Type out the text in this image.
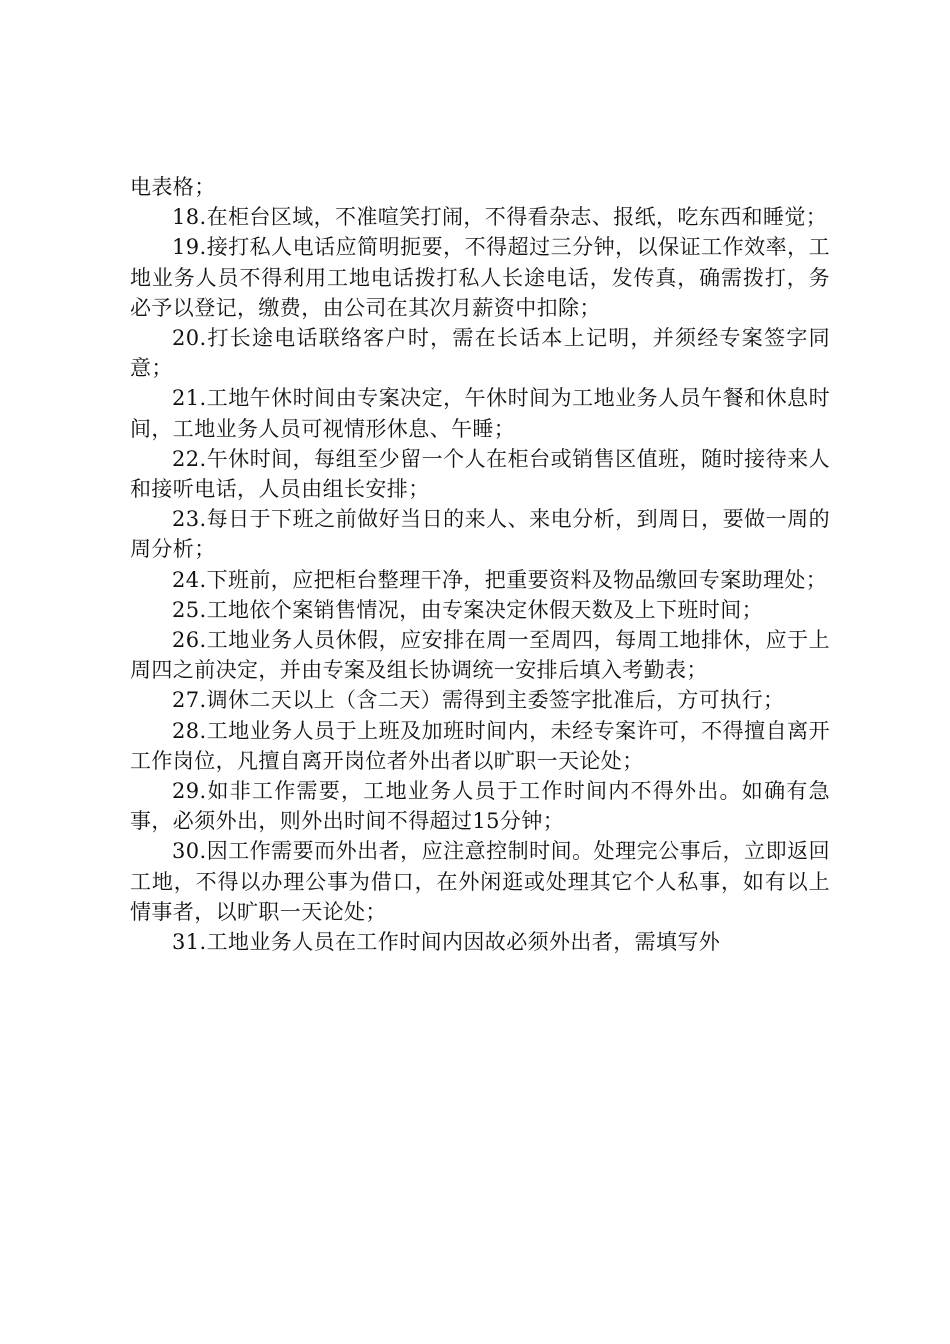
电表格；

18.在柜台区域，不准喧笑打闹，不得看杂志、报纸，吃东西和睡觉；

19.接打私人电话应简明扼要，不得超过三分钟，以保证工作效率，工地业务人员不得利用工地电话拨打私人长途电话，发传真，确需拨打，务必予以登记，缴费，由公司在其次月薪资中扣除；

20.打长途电话联络客户时，需在长话本上记明，并须经专案签字同意；

21.工地午休时间由专案决定，午休时间为工地业务人员午餐和休息时间，工地业务人员可视情形休息、午睡；

22.午休时间，每组至少留一个人在柜台或销售区值班，随时接待来人和接听电话，人员由组长安排；

23.每日于下班之前做好当日的来人、来电分析，到周日，要做一周的周分析；

24.下班前，应把柜台整理干净，把重要资料及物品缴回专案助理处；

25.工地依个案销售情况，由专案决定休假天数及上下班时间；

26.工地业务人员休假，应安排在周一至周四，每周工地排休，应于上周四之前决定，并由专案及组长协调统一安排后填入考勤表；

27.调休二天以上（含二天）需得到主委签字批准后，方可执行；

28.工地业务人员于上班及加班时间内，未经专案许可，不得擅自离开工作岗位，凡擅自离开岗位者外出者以旷职一天论处；

29.如非工作需要，工地业务人员于工作时间内不得外出。如确有急事，必须外出，则外出时间不得超过15分钟；

30.因工作需要而外出者，应注意控制时间。处理完公事后，立即返回工地，不得以办理公事为借口，在外闲逛或处理其它个人私事，如有以上情事者，以旷职一天论处；

31.工地业务人员在工作时间内因故必须外出者，需填写外
